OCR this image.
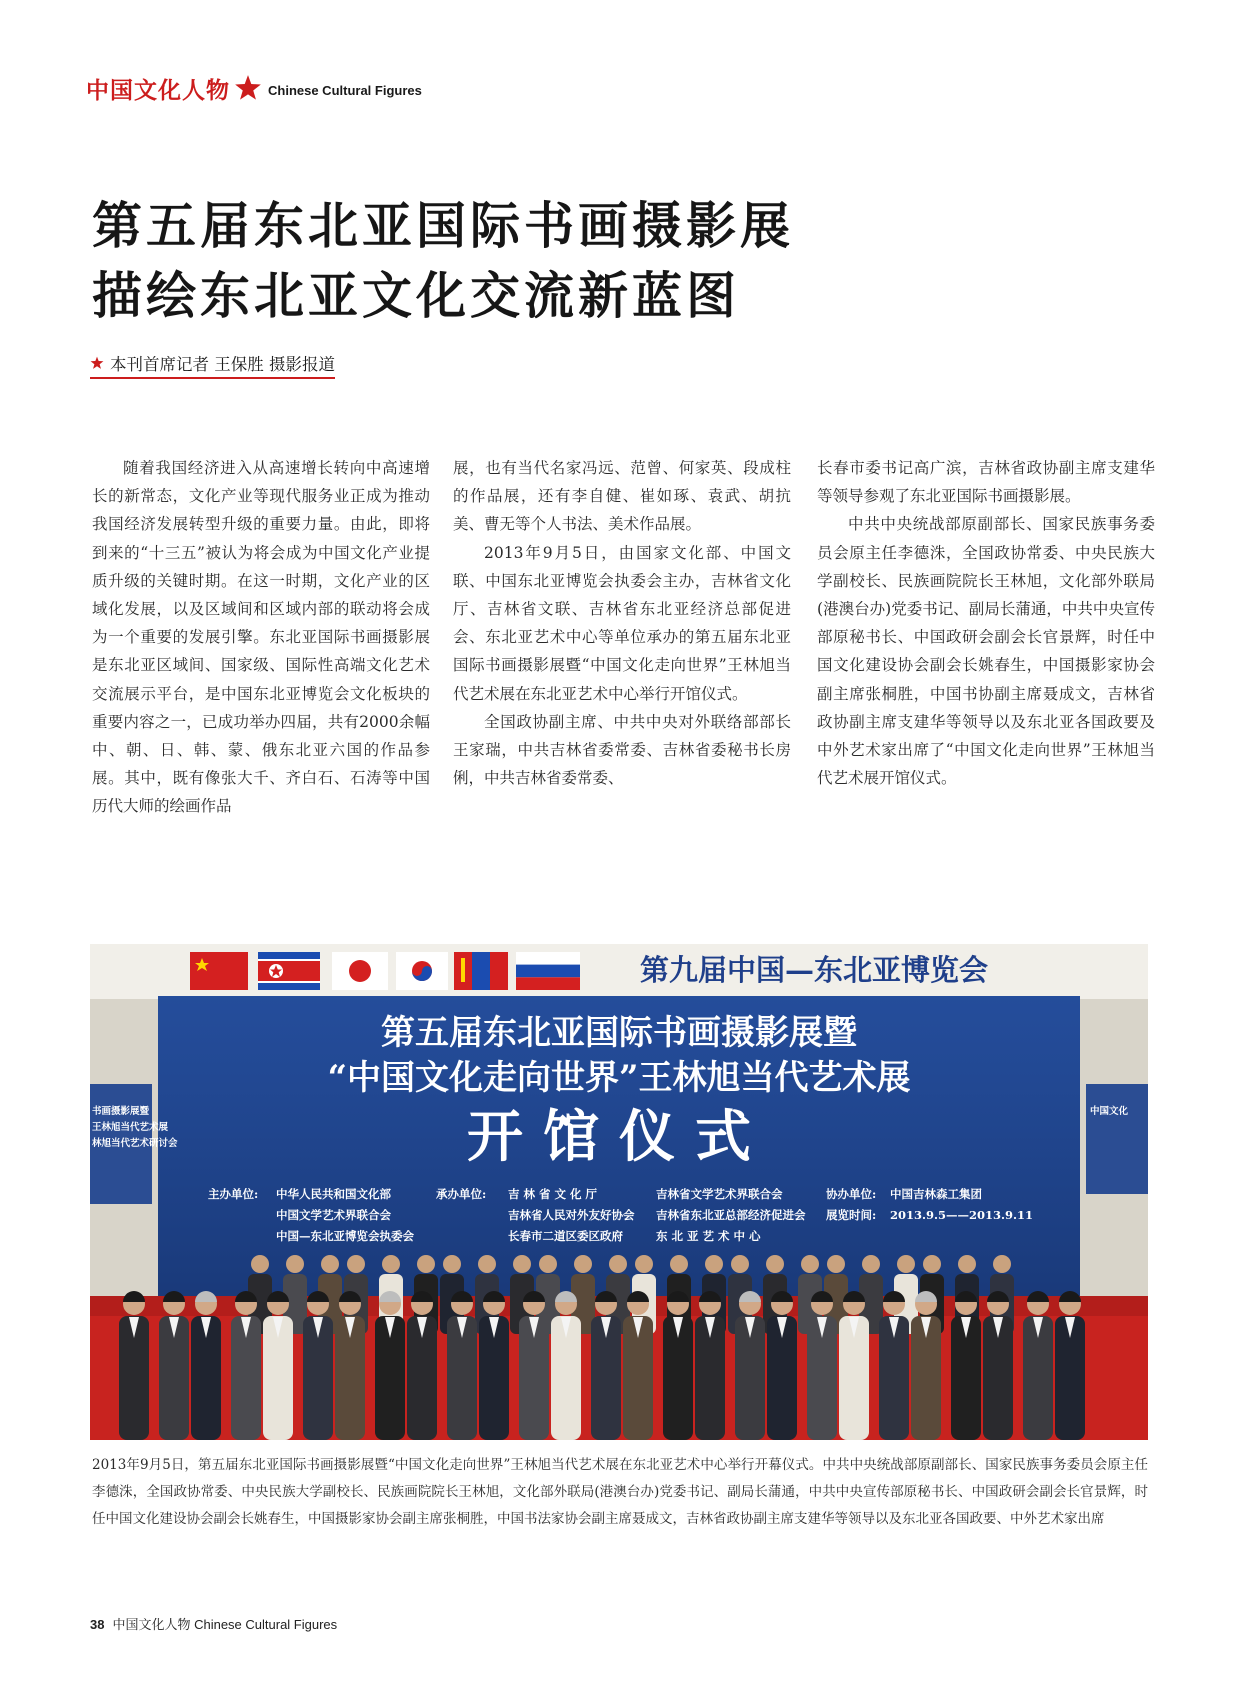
中国文化人物	Chinese Cultural Figures
第五届东北亚国际书画摄影展
描绘东北亚文化交流新蓝图
本刊首席记者 王保胜 摄影报道

随着我国经济进入从高速增长转向中高速增长的新常态，文化产业等现代服务业正成为推动我国经济发展转型升级的重要力量。由此，即将到来的“十三五”被认为将会成为中国文化产业提质升级的关键时期。在这一时期，文化产业的区域化发展，以及区域间和区域内部的联动将会成为一个重要的发展引擎。东北亚国际书画摄影展是东北亚区域间、国家级、国际性高端文化艺术交流展示平台，是中国东北亚博览会文化板块的重要内容之一，已成功举办四届，共有2000余幅中、朝、日、韩、蒙、俄东北亚六国的作品参展。其中，既有像张大千、齐白石、石涛等中国历代大师的绘画作品

展，也有当代名家冯远、范曾、何家英、段成柱的作品展，还有李自健、崔如琢、袁武、胡抗美、曹无等个人书法、美术作品展。

2013年9月5日，由国家文化部、中国文联、中国东北亚博览会执委会主办，吉林省文化厅、吉林省文联、吉林省东北亚经济总部促进会、东北亚艺术中心等单位承办的第五届东北亚国际书画摄影展暨“中国文化走向世界”王林旭当代艺术展在东北亚艺术中心举行开馆仪式。

全国政协副主席、中共中央对外联络部部长王家瑞，中共吉林省委常委、吉林省委秘书长房俐，中共吉林省委常委、

长春市委书记高广滨，吉林省政协副主席支建华等领导参观了东北亚国际书画摄影展。

中共中央统战部原副部长、国家民族事务委员会原主任李德洙，全国政协常委、中央民族大学副校长、民族画院院长王林旭，文化部外联局(港澳台办)党委书记、副局长蒲通，中共中央宣传部原秘书长、中国政研会副会长官景辉，时任中国文化建设协会副会长姚春生，中国摄影家协会副主席张桐胜，中国书协副主席聂成文，吉林省政协副主席支建华等领导以及东北亚各国政要及中外艺术家出席了“中国文化走向世界”王林旭当代艺术展开馆仪式。

第九届中国—东北亚博览会
第五届东北亚国际书画摄影展暨
“中国文化走向世界”王林旭当代艺术展
开馆仪式
主办单位: 中华人民共和国文化部
中国文学艺术界联合会
中国—东北亚博览会执委会
承办单位: 吉 林 省 文 化 厅
吉林省人民对外友好协会
长春市二道区委区政府
吉林省文学艺术界联合会
吉林省东北亚总部经济促进会
东 北 亚 艺 术 中 心
协办单位: 中国吉林森工集团
展览时间: 2013.9.5——2013.9.11
书画摄影展暨
王林旭当代艺术展
林旭当代艺术研讨会
中国文化
2013年9月5日，第五届东北亚国际书画摄影展暨“中国文化走向世界”王林旭当代艺术展在东北亚艺术中心举行开幕仪式。中共中央统战部原副部长、国家民族事务委员会原主任李德洙，全国政协常委、中央民族大学副校长、民族画院院长王林旭，文化部外联局(港澳台办)党委书记、副局长蒲通，中共中央宣传部原秘书长、中国政研会副会长官景辉，时任中国文化建设协会副会长姚春生，中国摄影家协会副主席张桐胜，中国书法家协会副主席聂成文，吉林省政协副主席支建华等领导以及东北亚各国政要、中外艺术家出席
38 中国文化人物 Chinese Cultural Figures
